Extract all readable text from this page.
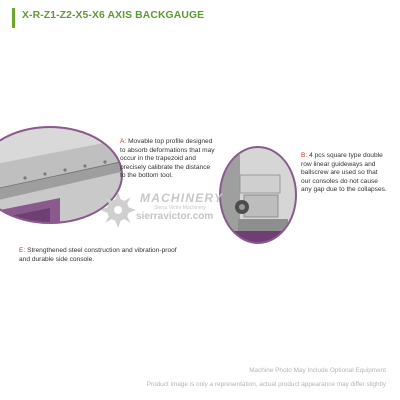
X-R-Z1-Z2-X5-X6 AXIS BACKGAUGE
A: Movable top profile designed to absorb deformations that may occur in the trapezoid and precisely calibrate the distance to the bottom tool.
B: 4 pcs square type double row linear guideways and ballscrew are used so that our consoles do not cause any gap due to the collapses.
E: Strengthened steel construction and vibration-proof and durable side console.
MACHINERY
Sierra Victor Machinery
sierravictor.com
Machine Photo May Include Optional Equipment
Product image is only a representation, actual product appearance may differ slightly
